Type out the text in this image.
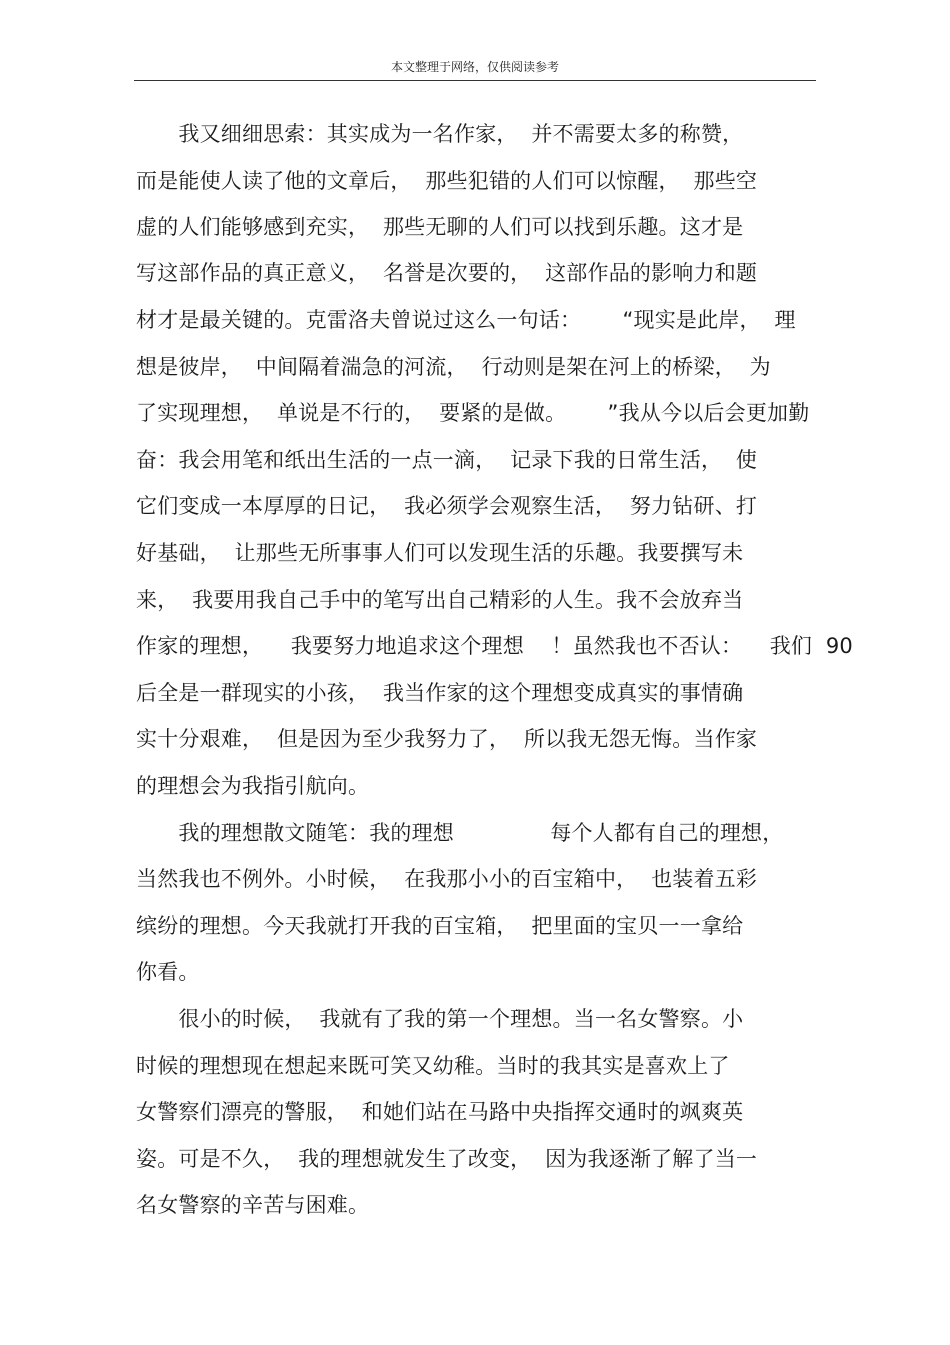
本文整理于网络，仅供阅读参考
　　我又细细思索：其实成为一名作家，  并不需要太多的称赞，
而是能使人读了他的文章后，  那些犯错的人们可以惊醒，  那些空
虚的人们能够感到充实，  那些无聊的人们可以找到乐趣。这才是
写这部作品的真正意义，  名誉是次要的，  这部作品的影响力和题
材才是最关键的。克雷洛夫曾说过这么一句话：      “现实是此岸，  理
想是彼岸，  中间隔着湍急的河流，  行动则是架在河上的桥梁，  为
了实现理想，  单说是不行的，  要紧的是做。      ”我从今以后会更加勤
奋：我会用笔和纸出生活的一点一滴，  记录下我的日常生活，  使
它们变成一本厚厚的日记，  我必须学会观察生活，  努力钻研、打
好基础，  让那些无所事事人们可以发现生活的乐趣。我要撰写未
来，  我要用我自己手中的笔写出自己精彩的人生。我不会放弃当
作家的理想，    我要努力地追求这个理想    ！虽然我也不否认：    我们  90
后全是一群现实的小孩，  我当作家的这个理想变成真实的事情确
实十分艰难，  但是因为至少我努力了，  所以我无怨无悔。当作家
的理想会为我指引航向。
　　我的理想散文随笔：我的理想              每个人都有自己的理想，
当然我也不例外。小时候，  在我那小小的百宝箱中，  也装着五彩
缤纷的理想。今天我就打开我的百宝箱，  把里面的宝贝一一拿给
你看。
　　很小的时候，  我就有了我的第一个理想。当一名女警察。小
时候的理想现在想起来既可笑又幼稚。当时的我其实是喜欢上了
女警察们漂亮的警服，  和她们站在马路中央指挥交通时的飒爽英
姿。可是不久，  我的理想就发生了改变，  因为我逐渐了解了当一
名女警察的辛苦与困难。
